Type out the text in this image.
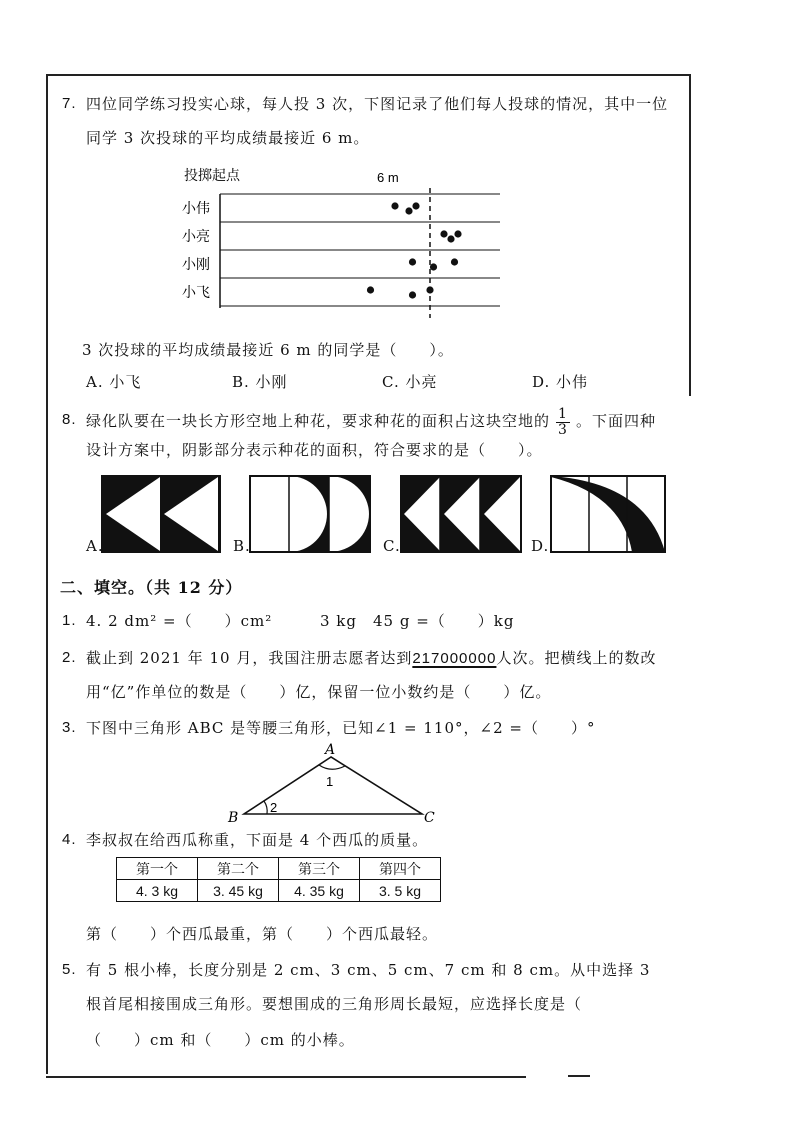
7. 四位同学练习投实心球，每人投 3 次，下图记录了他们每人投球的情况，其中一位
同学 3 次投球的平均成绩最接近 6 m。
投掷起点	6 m
小伟
小亮
小刚
小飞
3 次投球的平均成绩最接近 6 m 的同学是（　　）。
A. 小飞	B. 小刚	C. 小亮	D. 小伟
8. 绿化队要在一块长方形空地上种花，要求种花的面积占这块空地的 $\frac{1}{3}$ 。下面四种
设计方案中，阴影部分表示种花的面积，符合要求的是（　　）。
A.	B.	C.	D.
二、填空。（共 12 分）
1. 4. 2 dm² =（　　）cm²	3 kg　45 g =（　　）kg
2. 截止到 2021 年 10 月，我国注册志愿者达到217000000人次。把横线上的数改
用“亿”作单位的数是（　　）亿，保留一位小数约是（　　）亿。
3. 下图中三角形 ABC 是等腰三角形，已知∠1 = 110°，∠2 =（　　）°
A
B	C
1
2
4. 李叔叔在给西瓜称重，下面是 4 个西瓜的质量。
第一个	第二个	第三个	第四个
4. 3 kg	3. 45 kg	4. 35 kg	3. 5 kg
第（　　）个西瓜最重，第（　　）个西瓜最轻。
5. 有 5 根小棒，长度分别是 2 cm、3 cm、5 cm、7 cm 和 8 cm。从中选择 3
根首尾相接围成三角形。要想围成的三角形周长最短，应选择长度是（
（　　）cm 和（　　）cm 的小棒。
